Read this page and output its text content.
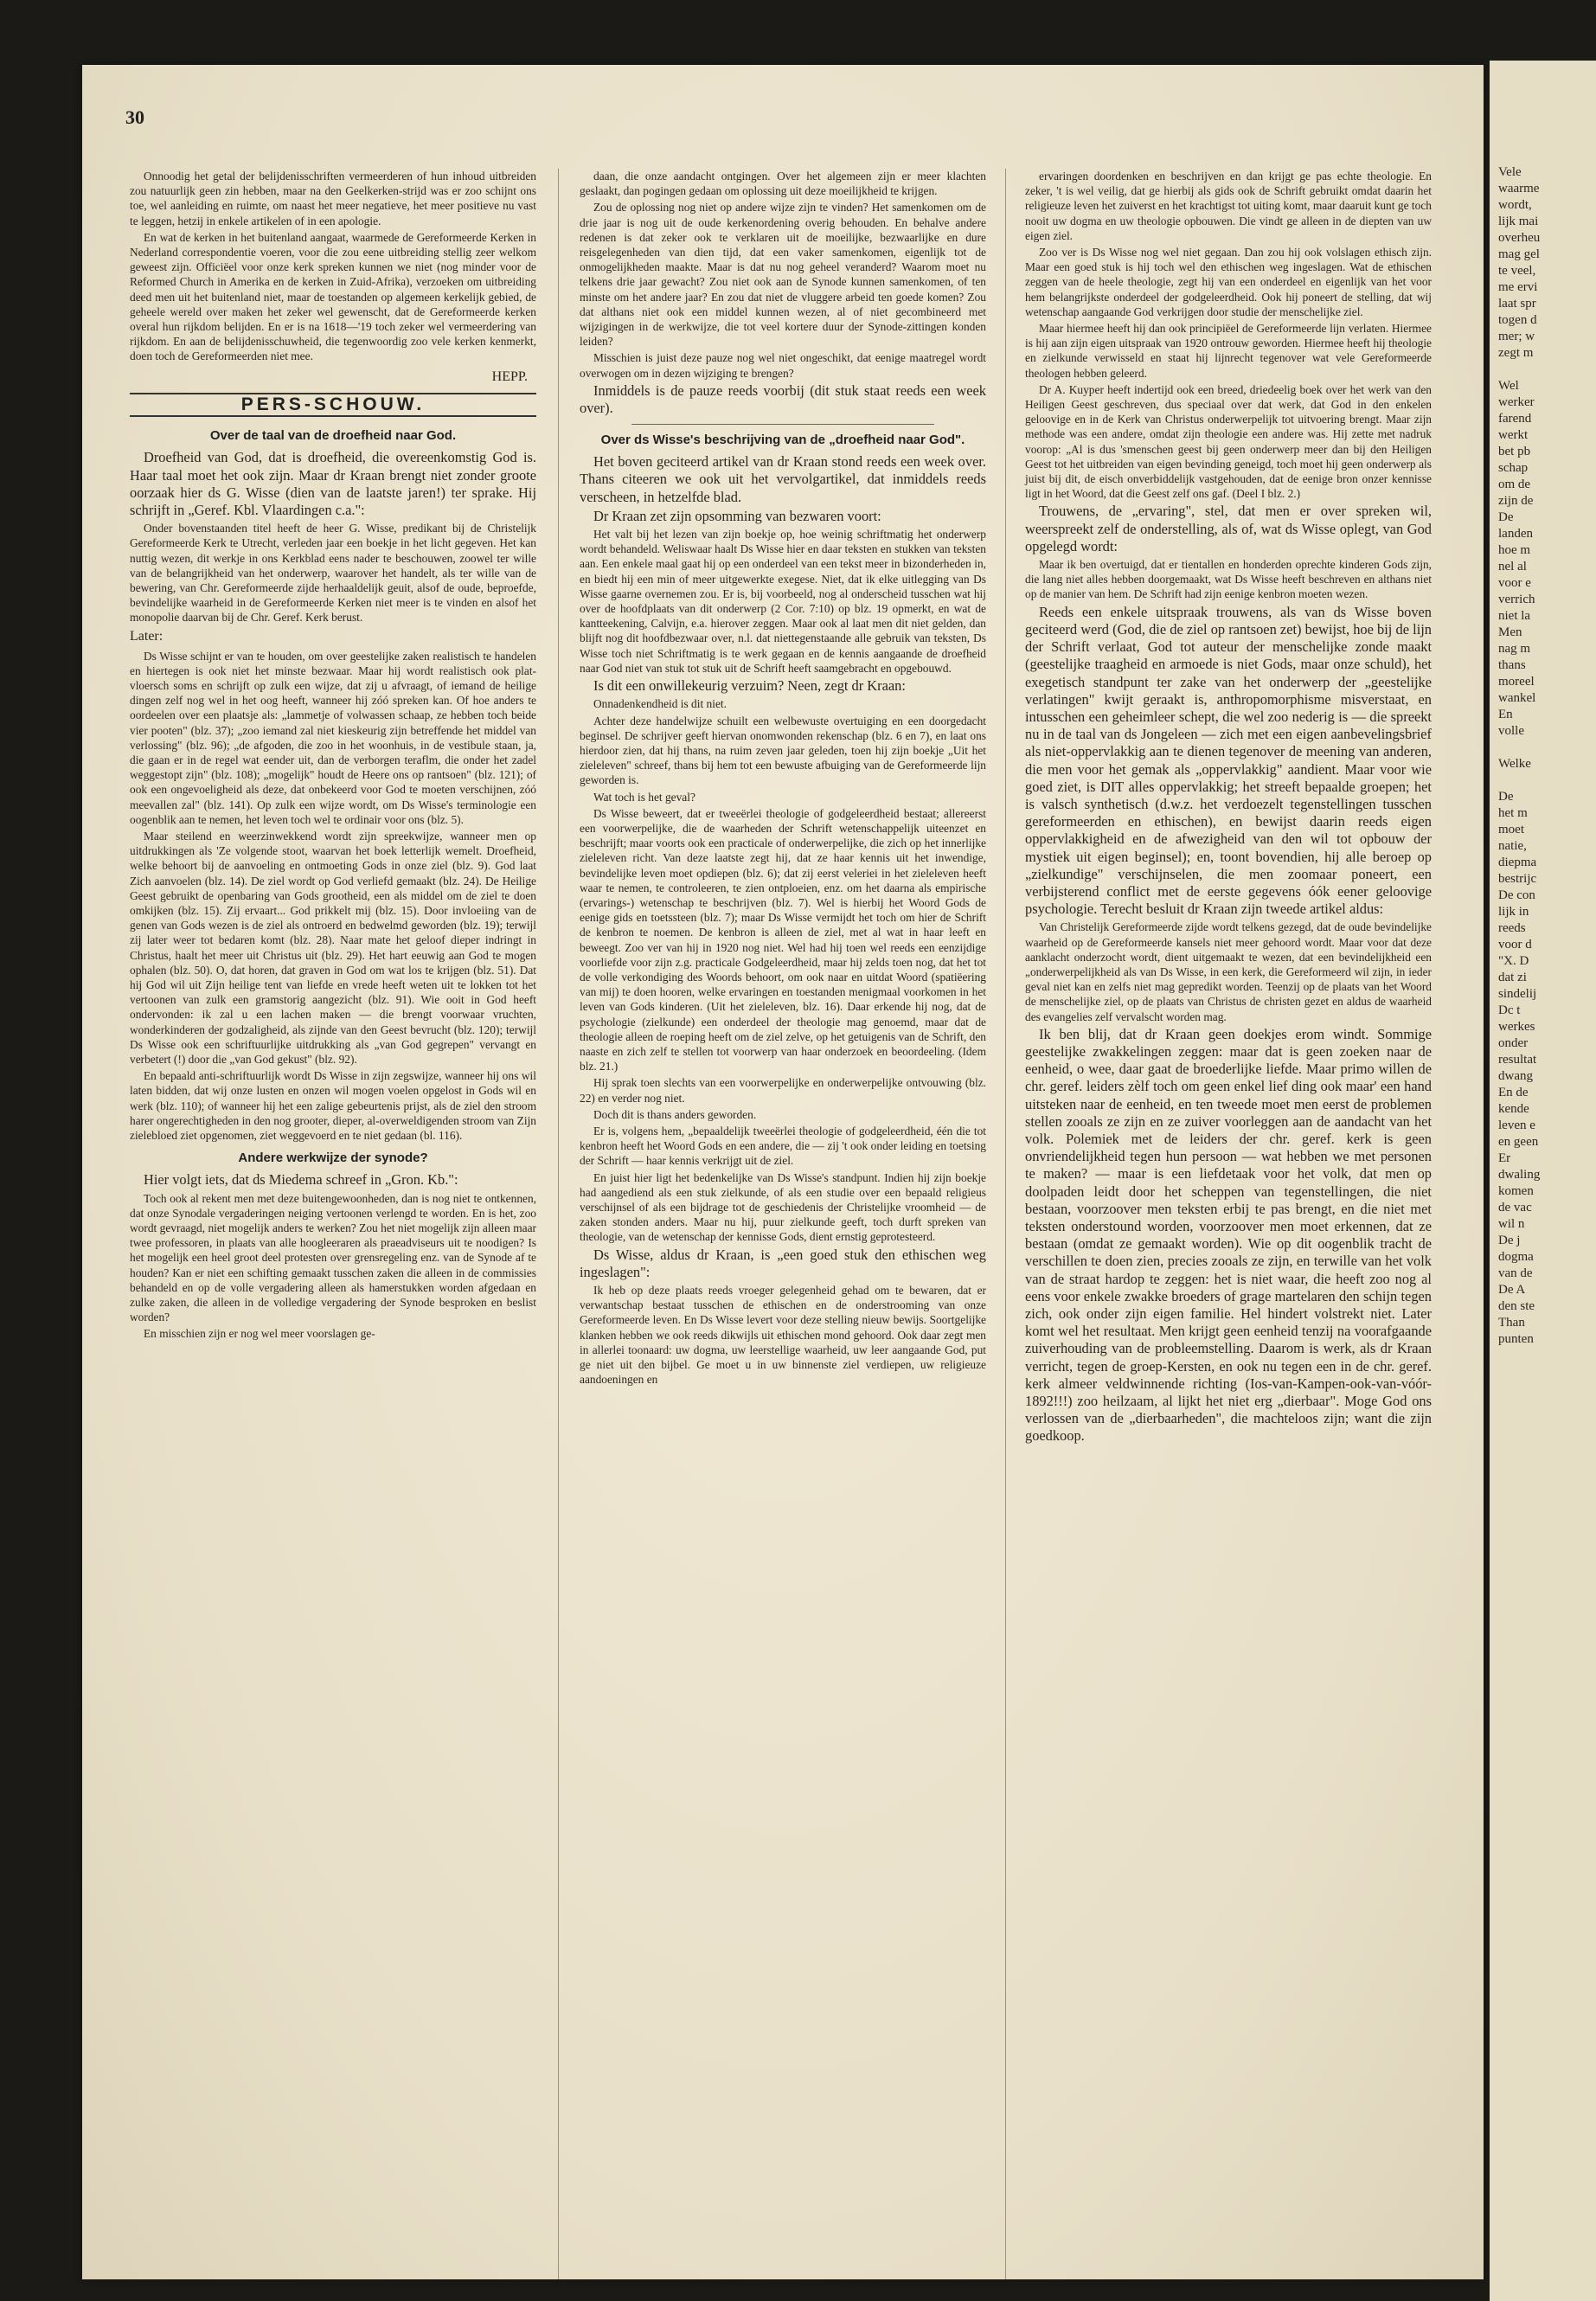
30

Onnoodig het getal der belijdenisschriften vermeerderen of hun inhoud uitbreiden zou natuurlijk geen zin hebben, maar na den Geelkerken-strijd was er zoo schijnt ons toe, wel aanleiding en ruimte, om naast het meer negatieve, het meer positieve nu vast te leggen, hetzij in enkele artikelen of in een apologie.

En wat de kerken in het buitenland aangaat, waarmede de Gereformeerde Kerken in Nederland correspondentie voeren, voor die zou eene uitbreiding stellig zeer welkom geweest zijn. Officiëel voor onze kerk spreken kunnen we niet (nog minder voor de Reformed Church in Amerika en de kerken in Zuid-Afrika), verzoeken om uitbreiding deed men uit het buitenland niet, maar de toestanden op algemeen kerkelijk gebied, de geheele wereld over maken het zeker wel gewenscht, dat de Gereformeerde kerken overal hun rijkdom belijden. En er is na 1618—'19 toch zeker wel vermeerdering van rijkdom. En aan de belijdenisschuwheid, die tegenwoordig zoo vele kerken kenmerkt, doen toch de Gereformeerden niet mee.

HEPP.
PERS-SCHOUW.
Over de taal van de droefheid naar God.

Droefheid van God, dat is droefheid, die overeenkomstig God is. Haar taal moet het ook zijn. Maar dr Kraan brengt niet zonder groote oorzaak hier ds G. Wisse (dien van de laatste jaren!) ter sprake. Hij schrijft in „Geref. Kbl. Vlaardingen c.a.":

Onder bovenstaanden titel heeft de heer G. Wisse, predikant bij de Christelijk Gereformeerde Kerk te Utrecht, verleden jaar een boekje in het licht gegeven. Het kan nuttig wezen, dit werkje in ons Kerkblad eens nader te beschouwen, zoowel ter wille van de belangrijkheid van het onderwerp, waarover het handelt, als ter wille van de bewering, van Chr. Gereformeerde zijde herhaaldelijk geuit, alsof de oude, beproefde, bevindelijke waarheid in de Gereformeerde Kerken niet meer is te vinden en alsof het monopolie daarvan bij de Chr. Geref. Kerk berust.

Later:

Ds Wisse schijnt er van te houden, om over geestelijke zaken realistisch te handelen en hiertegen is ook niet het minste bezwaar. Maar hij wordt realistisch ook plat-vloersch soms en schrijft op zulk een wijze, dat zij u afvraagt, of iemand de heilige dingen zelf nog wel in het oog heeft, wanneer hij zóó spreken kan. Of hoe anders te oordeelen over een plaatsje als: „lammetje of volwassen schaap, ze hebben toch beide vier pooten" (blz. 37); „zoo iemand zal niet kieskeurig zijn betreffende het middel van verlossing" (blz. 96); „de afgoden, die zoo in het woonhuis, in de vestibule staan, ja, die gaan er in de regel wat eender uit, dan de verborgen teraflm, die onder het zadel weggestopt zijn" (blz. 108); „mogelijk" houdt de Heere ons op rantsoen" (blz. 121); of ook een ongevoeligheid als deze, dat onbekeerd voor God te moeten verschijnen, zóó meevallen zal" (blz. 141). Op zulk een wijze wordt, om Ds Wisse's terminologie een oogenblik aan te nemen, het leven toch wel te ordinair voor ons (blz. 5).

Maar steilend en weerzinwekkend wordt zijn spreekwijze, wanneer men op uitdrukkingen als 'Ze volgende stoot, waarvan het boek letterlijk wemelt. Droefheid, welke behoort bij de aanvoeling en ontmoeting Gods in onze ziel (blz. 9). God laat Zich aanvoelen (blz. 14). De ziel wordt op God verliefd gemaakt (blz. 24). De Heilige Geest gebruikt de openbaring van Gods grootheid, een als middel om de ziel te doen omkijken (blz. 15). Zij ervaart... God prikkelt mij (blz. 15). Door invloeiing van de genen van Gods wezen is de ziel als ontroerd en bedwelmd geworden (blz. 19); terwijl zij later weer tot bedaren komt (blz. 28). Naar mate het geloof dieper indringt in Christus, haalt het meer uit Christus uit (blz. 29). Het hart eeuwig aan God te mogen ophalen (blz. 50). O, dat horen, dat graven in God om wat los te krijgen (blz. 51). Dat hij God wil uit Zijn heilige tent van liefde en vrede heeft weten uit te lokken tot het vertoonen van zulk een gramstorig aangezicht (blz. 91). Wie ooit in God heeft ondervonden: ik zal u een lachen maken — die brengt voorwaar vruchten, wonderkinderen der godzaligheid, als zijnde van den Geest bevrucht (blz. 120); terwijl Ds Wisse ook een schriftuurlijke uitdrukking als „van God gegrepen" vervangt en verbetert (!) door die „van God gekust" (blz. 92).

En bepaald anti-schriftuurlijk wordt Ds Wisse in zijn zegswijze, wanneer hij ons wil laten bidden, dat wij onze lusten en onzen wil mogen voelen opgelost in Gods wil en werk (blz. 110); of wanneer hij het een zalige gebeurtenis prijst, als de ziel den stroom harer ongerechtigheden in den nog grooter, dieper, al-overweldigenden stroom van Zijn zielebloed ziet opgenomen, ziet weggevoerd en te niet gedaan (bl. 116).

Andere werkwijze der synode?

Hier volgt iets, dat ds Miedema schreef in „Gron. Kb.":

Toch ook al rekent men met deze buitengewoonheden, dan is nog niet te ontkennen, dat onze Synodale vergaderingen neiging vertoonen verlengd te worden. En is het, zoo wordt gevraagd, niet mogelijk anders te werken? Zou het niet mogelijk zijn alleen maar twee professoren, in plaats van alle hoogleeraren als praeadviseurs uit te noodigen? Is het mogelijk een heel groot deel protesten over grensregeling enz. van de Synode af te houden? Kan er niet een schifting gemaakt tusschen zaken die alleen in de commissies behandeld en op de volle vergadering alleen als hamerstukken worden afgedaan en zulke zaken, die alleen in de volledige vergadering der Synode besproken en beslist worden?

En misschien zijn er nog wel meer voorslagen ge-

daan, die onze aandacht ontgingen. Over het algemeen zijn er meer klachten geslaakt, dan pogingen gedaan om oplossing uit deze moeilijkheid te krijgen.

Zou de oplossing nog niet op andere wijze zijn te vinden? Het samenkomen om de drie jaar is nog uit de oude kerkenordening overig behouden. En behalve andere redenen is dat zeker ook te verklaren uit de moeilijke, bezwaarlijke en dure reisgelegenheden van dien tijd, dat een vaker samenkomen, eigenlijk tot de onmogelijkheden maakte. Maar is dat nu nog geheel veranderd? Waarom moet nu telkens drie jaar gewacht? Zou niet ook aan de Synode kunnen samenkomen, of ten minste om het andere jaar? En zou dat niet de vluggere arbeid ten goede komen? Zou dat althans niet ook een middel kunnen wezen, al of niet gecombineerd met wijzigingen in de werkwijze, die tot veel kortere duur der Synode-zittingen konden leiden?

Misschien is juist deze pauze nog wel niet ongeschikt, dat eenige maatregel wordt overwogen om in dezen wijziging te brengen?

Inmiddels is de pauze reeds voorbij (dit stuk staat reeds een week over).

Over ds Wisse's beschrijving van de „droefheid naar God".

Het boven geciteerd artikel van dr Kraan stond reeds een week over. Thans citeeren we ook uit het vervolgartikel, dat inmiddels reeds verscheen, in hetzelfde blad.

Dr Kraan zet zijn opsomming van bezwaren voort:

Het valt bij het lezen van zijn boekje op, hoe weinig schriftmatig het onderwerp wordt behandeld. Weliswaar haalt Ds Wisse hier en daar teksten en stukken van teksten aan. Een enkele maal gaat hij op een onderdeel van een tekst meer in bizonderheden in, en biedt hij een min of meer uitgewerkte exegese. Niet, dat ik elke uitlegging van Ds Wisse gaarne overnemen zou. Er is, bij voorbeeld, nog al onderscheid tusschen wat hij over de hoofdplaats van dit onderwerp (2 Cor. 7:10) op blz. 19 opmerkt, en wat de kantteekening, Calvijn, e.a. hierover zeggen. Maar ook al laat men dit niet gelden, dan blijft nog dit hoofdbezwaar over, n.l. dat niettegenstaande alle gebruik van teksten, Ds Wisse toch niet Schriftmatig is te werk gegaan en de kennis aangaande de droefheid naar God niet van stuk tot stuk uit de Schrift heeft saamgebracht en opgebouwd.

Is dit een onwillekeurig verzuim? Neen, zegt dr Kraan:

Onnadenkendheid is dit niet.

Achter deze handelwijze schuilt een welbewuste overtuiging en een doorgedacht beginsel. De schrijver geeft hiervan onomwonden rekenschap (blz. 6 en 7), en laat ons hierdoor zien, dat hij thans, na ruim zeven jaar geleden, toen hij zijn boekje „Uit het zieleleven" schreef, thans bij hem tot een bewuste afbuiging van de Gereformeerde lijn geworden is.

Wat toch is het geval?

Ds Wisse beweert, dat er tweeërlei theologie of godgeleerdheid bestaat; allereerst een voorwerpelijke, die de waarheden der Schrift wetenschappelijk uiteenzet en beschrijft; maar voorts ook een practicale of onderwerpelijke, die zich op het innerlijke zieleleven richt. Van deze laatste zegt hij, dat ze haar kennis uit het inwendige, bevindelijke leven moet opdiepen (blz. 6); dat zij eerst veleriei in het zieleleven heeft waar te nemen, te controleeren, te zien ontploeien, enz. om het daarna als empirische (ervarings-) wetenschap te beschrijven (blz. 7). Wel is hierbij het Woord Gods de eenige gids en toetssteen (blz. 7); maar Ds Wisse vermijdt het toch om hier de Schrift de kenbron te noemen. De kenbron is alleen de ziel, met al wat in haar leeft en beweegt. Zoo ver van hij in 1920 nog niet. Wel had hij toen wel reeds een eenzijdige voorliefde voor zijn z.g. practicale Godgeleerdheid, maar hij zelds toen nog, dat het tot de volle verkondiging des Woords behoort, om ook naar en uitdat Woord (spatiëering van mij) te doen hooren, welke ervaringen en toestanden menigmaal voorkomen in het leven van Gods kinderen. (Uit het zieleleven, blz. 16). Daar erkende hij nog, dat de psychologie (zielkunde) een onderdeel der theologie mag genoemd, maar dat de theologie alleen de roeping heeft om de ziel zelve, op het getuigenis van de Schrift, den naaste en zich zelf te stellen tot voorwerp van haar onderzoek en beoordeeling. (Idem blz. 21.)

Hij sprak toen slechts van een voorwerpelijke en onderwerpelijke ontvouwing (blz. 22) en verder nog niet.

Doch dit is thans anders geworden.

Er is, volgens hem, „bepaaldelijk tweeërlei theologie of godgeleerdheid, één die tot kenbron heeft het Woord Gods en een andere, die — zij 't ook onder leiding en toetsing der Schrift — haar kennis verkrijgt uit de ziel.

En juist hier ligt het bedenkelijke van Ds Wisse's standpunt. Indien hij zijn boekje had aangediend als een stuk zielkunde, of als een studie over een bepaald religieus verschijnsel of als een bijdrage tot de geschiedenis der Christelijke vroomheid — de zaken stonden anders. Maar nu hij, puur zielkunde geeft, toch durft spreken van theologie, van de wetenschap der kennisse Gods, dient ernstig geprotesteerd.

Ds Wisse, aldus dr Kraan, is „een goed stuk den ethischen weg ingeslagen":

Ik heb op deze plaats reeds vroeger gelegenheid gehad om te bewaren, dat er verwantschap bestaat tusschen de ethischen en de onderstrooming van onze Gereformeerde leven. En Ds Wisse levert voor deze stelling nieuw bewijs. Soortgelijke klanken hebben we ook reeds dikwijls uit ethischen mond gehoord. Ook daar zegt men in allerlei toonaard: uw dogma, uw leerstellige waarheid, uw leer aangaande God, put ge niet uit den bijbel. Ge moet u in uw binnenste ziel verdiepen, uw religieuze aandoeningen en

ervaringen doordenken en beschrijven en dan krijgt ge pas echte theologie. En zeker, 't is wel veilig, dat ge hierbij als gids ook de Schrift gebruikt omdat daarin het religieuze leven het zuiverst en het krachtigst tot uiting komt, maar daaruit kunt ge toch nooit uw dogma en uw theologie opbouwen. Die vindt ge alleen in de diepten van uw eigen ziel.

Zoo ver is Ds Wisse nog wel niet gegaan. Dan zou hij ook volslagen ethisch zijn. Maar een goed stuk is hij toch wel den ethischen weg ingeslagen. Wat de ethischen zeggen van de heele theologie, zegt hij van een onderdeel en eigenlijk van het voor hem belangrijkste onderdeel der godgeleerdheid. Ook hij poneert de stelling, dat wij wetenschap aangaande God verkrijgen door studie der menschelijke ziel.

Maar hiermee heeft hij dan ook principiëel de Gereformeerde lijn verlaten. Hiermee is hij aan zijn eigen uitspraak van 1920 ontrouw geworden. Hiermee heeft hij theologie en zielkunde verwisseld en staat hij lijnrecht tegenover wat vele Gereformeerde theologen hebben geleerd.

Dr A. Kuyper heeft indertijd ook een breed, driedeelig boek over het werk van den Heiligen Geest geschreven, dus speciaal over dat werk, dat God in den enkelen geloovige en in de Kerk van Christus onderwerpelijk tot uitvoering brengt. Maar zijn methode was een andere, omdat zijn theologie een andere was. Hij zette met nadruk voorop: „Al is dus 'smenschen geest bij geen onderwerp meer dan bij den Heiligen Geest tot het uitbreiden van eigen bevinding geneigd, toch moet hij geen onderwerp als juist bij dit, de eisch onverbiddelijk vastgehouden, dat de eenige bron onzer kennisse ligt in het Woord, dat die Geest zelf ons gaf. (Deel I blz. 2.)

Trouwens, de „ervaring", stel, dat men er over spreken wil, weerspreekt zelf de onderstelling, als of, wat ds Wisse oplegt, van God opgelegd wordt:

Maar ik ben overtuigd, dat er tientallen en honderden oprechte kinderen Gods zijn, die lang niet alles hebben doorgemaakt, wat Ds Wisse heeft beschreven en althans niet op de manier van hem. De Schrift had zijn eenige kenbron moeten wezen.

Reeds een enkele uitspraak trouwens, als van ds Wisse boven geciteerd werd (God, die de ziel op rantsoen zet) bewijst, hoe bij de lijn der Schrift verlaat, God tot auteur der menschelijke zonde maakt (geestelijke traagheid en armoede is niet Gods, maar onze schuld), het exegetisch standpunt ter zake van het onderwerp der „geestelijke verlatingen" kwijt geraakt is, anthropomorphisme misverstaat, en intusschen een geheimleer schept, die wel zoo nederig is — die spreekt nu in de taal van ds Jongeleen — zich met een eigen aanbevelingsbrief als niet-oppervlakkig aan te dienen tegenover de meening van anderen, die men voor het gemak als „oppervlakkig" aandient. Maar voor wie goed ziet, is DIT alles oppervlakkig; het streeft bepaalde groepen; het is valsch synthetisch (d.w.z. het verdoezelt tegenstellingen tusschen gereformeerden en ethischen), en bewijst daarin reeds eigen oppervlakkigheid en de afwezigheid van den wil tot opbouw der mystiek uit eigen beginsel); en, toont bovendien, hij alle beroep op „zielkundige" verschijnselen, die men zoomaar poneert, een verbijsterend conflict met de eerste gegevens óók eener geloovige psychologie. Terecht besluit dr Kraan zijn tweede artikel aldus:

Van Christelijk Gereformeerde zijde wordt telkens gezegd, dat de oude bevindelijke waarheid op de Gereformeerde kansels niet meer gehoord wordt. Maar voor dat deze aanklacht onderzocht wordt, dient uitgemaakt te wezen, dat een bevindelijkheid een „onderwerpelijkheid als van Ds Wisse, in een kerk, die Gereformeerd wil zijn, in ieder geval niet kan en zelfs niet mag gepredikt worden. Teenzij op de plaats van het Woord de menschelijke ziel, op de plaats van Christus de christen gezet en aldus de waarheid des evangelies zelf vervalscht worden mag.

Ik ben blij, dat dr Kraan geen doekjes erom windt. Sommige geestelijke zwakkelingen zeggen: maar dat is geen zoeken naar de eenheid, o wee, daar gaat de broederlijke liefde. Maar primo willen de chr. geref. leiders zèlf toch om geen enkel lief ding ook maar' een hand uitsteken naar de eenheid, en ten tweede moet men eerst de problemen stellen zooals ze zijn en ze zuiver voorleggen aan de aandacht van het volk. Polemiek met de leiders der chr. geref. kerk is geen onvriendelijkheid tegen hun persoon — wat hebben we met personen te maken? — maar is een liefdetaak voor het volk, dat men op doolpaden leidt door het scheppen van tegenstellingen, die niet bestaan, voorzoover men teksten erbij te pas brengt, en die niet met teksten onderstound worden, voorzoover men moet erkennen, dat ze bestaan (omdat ze gemaakt worden). Wie op dit oogenblik tracht de verschillen te doen zien, precies zooals ze zijn, en terwille van het volk van de straat hardop te zeggen: het is niet waar, die heeft zoo nog al eens voor enkele zwakke broeders of grage martelaren den schijn tegen zich, ook onder zijn eigen familie. Hel hindert volstrekt niet. Later komt wel het resultaat. Men krijgt geen eenheid tenzij na voorafgaande zuiverhouding van de probleemstelling. Daarom is werk, als dr Kraan verricht, tegen de groep-Kersten, en ook nu tegen een in de chr. geref. kerk almeer veldwinnende richting (Ios-van-Kampen-ook-van-vóór-1892!!!) zoo heilzaam, al lijkt het niet erg „dierbaar". Moge God ons verlossen van de „dierbaarheden", die machteloos zijn; want die zijn goedkoop.

Vele
waarme
wordt,
lijk mai
overheu
mag gel
te veel,
me ervi
laat spr
togen d
mer; w
zegt m

Wel
werker
farend
werkt
bet pb
schap
om de
zijn de
De
landen
hoe m
nel al
voor e
verrich
niet la
Men
nag m
thans
moreel
wankel
En
volle

Welke

De
het m
moet
natie,
diepma
bestrijc
De con
lijk in
reeds
voor d
"X. D
dat zi
sindelij
Dc t
werkes
onder
resultat
dwang
En de
kende
leven e
en geen
Er
dwaling
komen
de vac
wil n
De j
dogma
van de
De A
den ste
Than
punten
